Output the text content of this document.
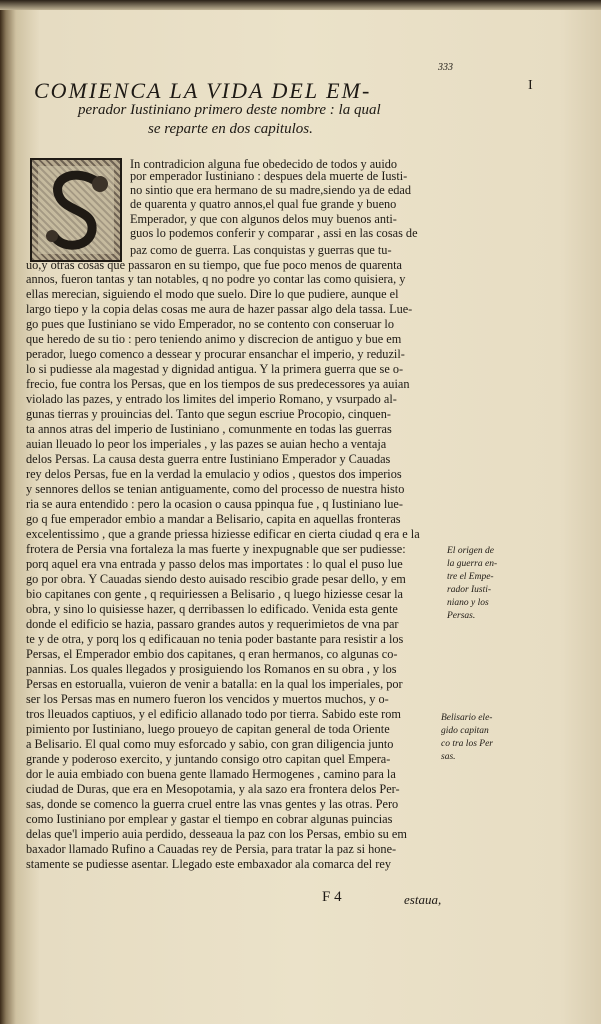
333
I
COMIENCA LA VIDA DEL EM-
perador Iustiniano primero deste nombre : la qual
se reparte en dos capitulos.
In contradicion alguna fue obedecido de todos y auido
por emperador Iustiniano : despues dela muerte de Iusti-
no sintio que era hermano de su madre,siendo ya de edad
de quarenta y quatro annos,el qual fue grande y bueno
Emperador, y que con algunos delos muy buenos anti-
guos lo podemos conferir y comparar , assi en las cosas de
paz como de guerra. Las conquistas y guerras que tu-
uo,y otras cosas que passaron en su tiempo, que fue poco menos de quarenta
annos, fueron tantas y tan notables, q no podre yo contar las como quisiera, y
ellas merecian, siguiendo el modo que suelo. Dire lo que pudiere, aunque el
largo tiepo y la copia delas cosas me aura de hazer passar algo dela tassa. Lue-
go pues que Iustiniano se vido Emperador, no se contento con conseruar lo
que heredo de su tio : pero teniendo animo y discrecion de antiguo y bue em
perador, luego comenco a dessear y procurar ensanchar el imperio, y reduzil-
lo si pudiesse ala magestad y dignidad antigua. Y la primera guerra que se o-
frecio, fue contra los Persas, que en los tiempos de sus predecessores ya auian
violado las pazes, y entrado los limites del imperio Romano, y vsurpado al-
gunas tierras y prouincias del. Tanto que segun escriue Procopio, cinquen-
ta annos atras del imperio de Iustiniano , comunmente en todas las guerras
auian lleuado lo peor los imperiales , y las pazes se auian hecho a ventaja
delos Persas. La causa desta guerra entre Iustiniano Emperador y Cauadas
rey delos Persas, fue en la verdad la emulacio y odios , questos dos imperios
y sennores dellos se tenian antiguamente, como del processo de nuestra histo
ria se aura entendido : pero la ocasion o causa ppinqua fue , q Iustiniano lue-
go q fue emperador embio a mandar a Belisario, capita en aquellas fronteras
excelentissimo , que a grande priessa hiziesse edificar en cierta ciudad q era e la
frotera de Persia vna fortaleza la mas fuerte y inexpugnable que ser pudiesse:
porq aquel era vna entrada y passo delos mas importates : lo qual el puso lue
go por obra. Y Cauadas siendo desto auisado rescibio grade pesar dello, y em
bio capitanes con gente , q requiriessen a Belisario , q luego hiziesse cesar la
obra, y sino lo quisiesse hazer, q derribassen lo edificado. Venida esta gente
donde el edificio se hazia, passaro grandes autos y requerimietos de vna par
te y de otra, y porq los q edificauan no tenia poder bastante para resistir a los
Persas, el Emperador embio dos capitanes, q eran hermanos, co algunas co-
pannias. Los quales llegados y prosiguiendo los Romanos en su obra , y los
Persas en estorualla, vuieron de venir a batalla: en la qual los imperiales, por
ser los Persas mas en numero fueron los vencidos y muertos muchos, y o-
tros lleuados captiuos, y el edificio allanado todo por tierra. Sabido este rom
pimiento por Iustiniano, luego proueyo de capitan general de toda Oriente
a Belisario. El qual como muy esforcado y sabio, con gran diligencia junto
grande y poderoso exercito, y juntando consigo otro capitan quel Empera-
dor le auia embiado con buena gente llamado Hermogenes , camino para la
ciudad de Duras, que era en Mesopotamia, y ala sazo era frontera delos Per-
sas, donde se comenco la guerra cruel entre las vnas gentes y las otras. Pero
como Iustiniano por emplear y gastar el tiempo en cobrar algunas puincias
delas que'l imperio auia perdido, desseaua la paz con los Persas, embio su em
baxador llamado Rufino a Cauadas rey de Persia, para tratar la paz si hone-
stamente se pudiesse asentar. Llegado este embaxador ala comarca del rey
El origen de
la guerra en-
tre el Empe-
rador Iusti-
niano y los
Persas.
Belisario ele-
gido capitan
co tra los Per
sas.
F 4	estaua,
